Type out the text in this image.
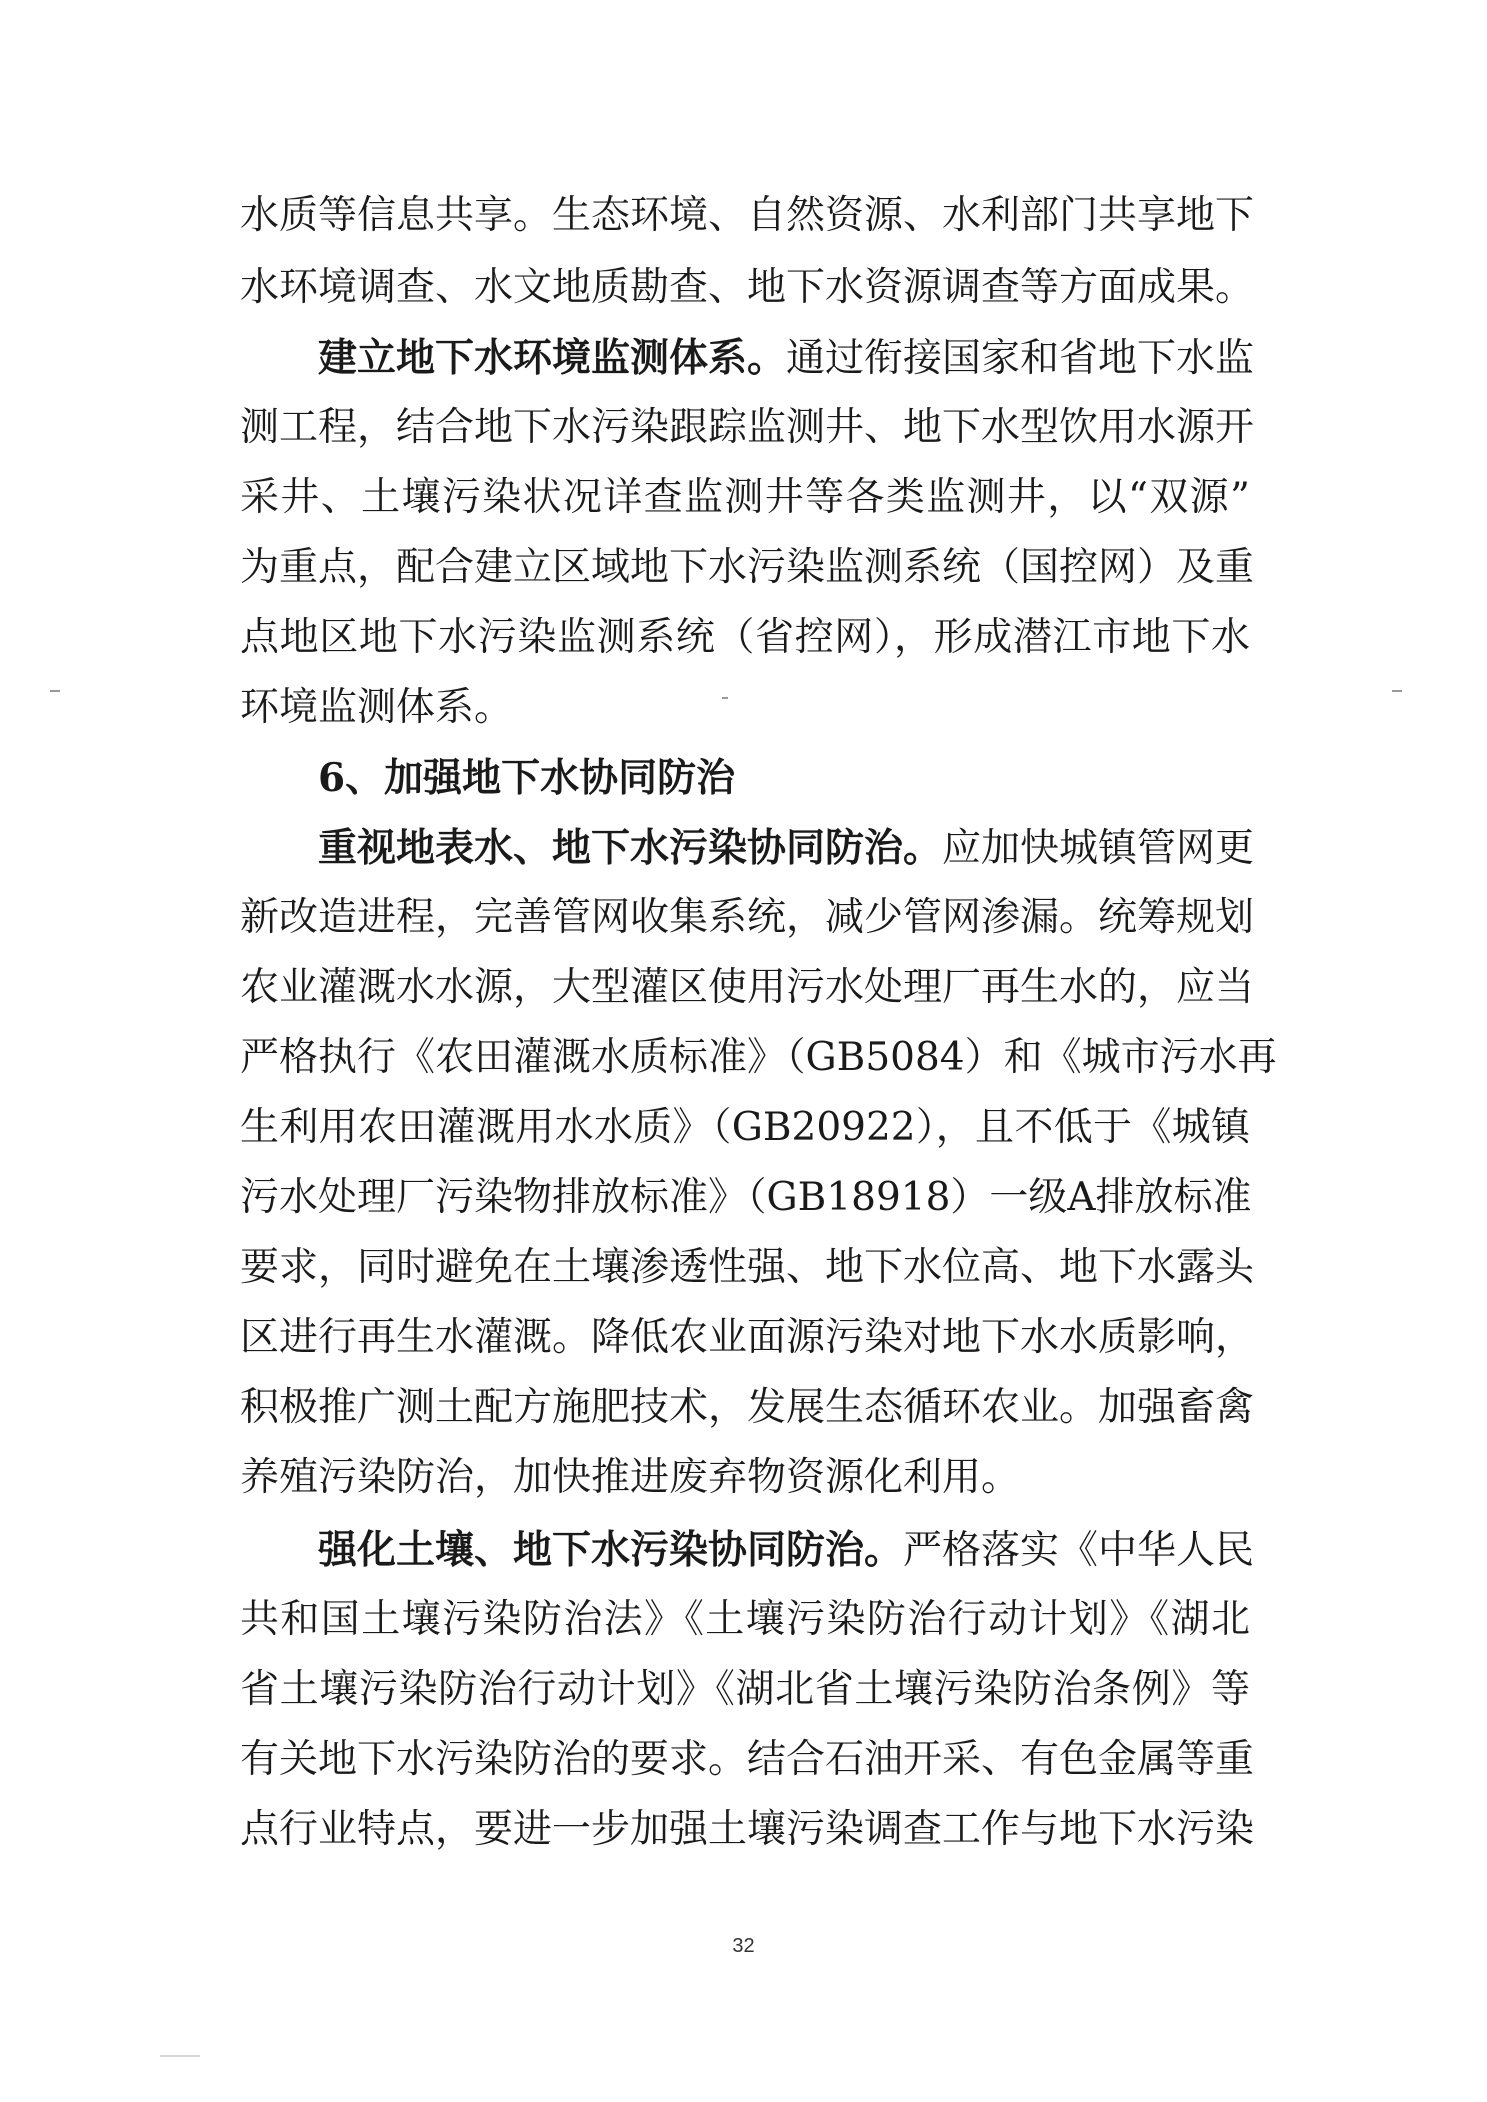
水质等信息共享。生态环境、自然资源、水利部门共享地下
水环境调查、水文地质勘查、地下水资源调查等方面成果。
建立地下水环境监测体系。通过衔接国家和省地下水监
测工程，结合地下水污染跟踪监测井、地下水型饮用水源开
采井、土壤污染状况详查监测井等各类监测井，以“双源”
为重点，配合建立区域地下水污染监测系统（国控网）及重
点地区地下水污染监测系统（省控网），形成潜江市地下水
环境监测体系。
6、加强地下水协同防治
重视地表水、地下水污染协同防治。应加快城镇管网更
新改造进程，完善管网收集系统，减少管网渗漏。统筹规划
农业灌溉水水源，大型灌区使用污水处理厂再生水的，应当
严格执行《农田灌溉水质标准》（GB5084）和《城市污水再
生利用农田灌溉用水水质》（GB20922），且不低于《城镇
污水处理厂污染物排放标准》（GB18918）一级A排放标准
要求，同时避免在土壤渗透性强、地下水位高、地下水露头
区进行再生水灌溉。降低农业面源污染对地下水水质影响，
积极推广测土配方施肥技术，发展生态循环农业。加强畜禽
养殖污染防治，加快推进废弃物资源化利用。
强化土壤、地下水污染协同防治。严格落实《中华人民
共和国土壤污染防治法》《土壤污染防治行动计划》《湖北
省土壤污染防治行动计划》《湖北省土壤污染防治条例》等
有关地下水污染防治的要求。结合石油开采、有色金属等重
点行业特点，要进一步加强土壤污染调查工作与地下水污染
32
